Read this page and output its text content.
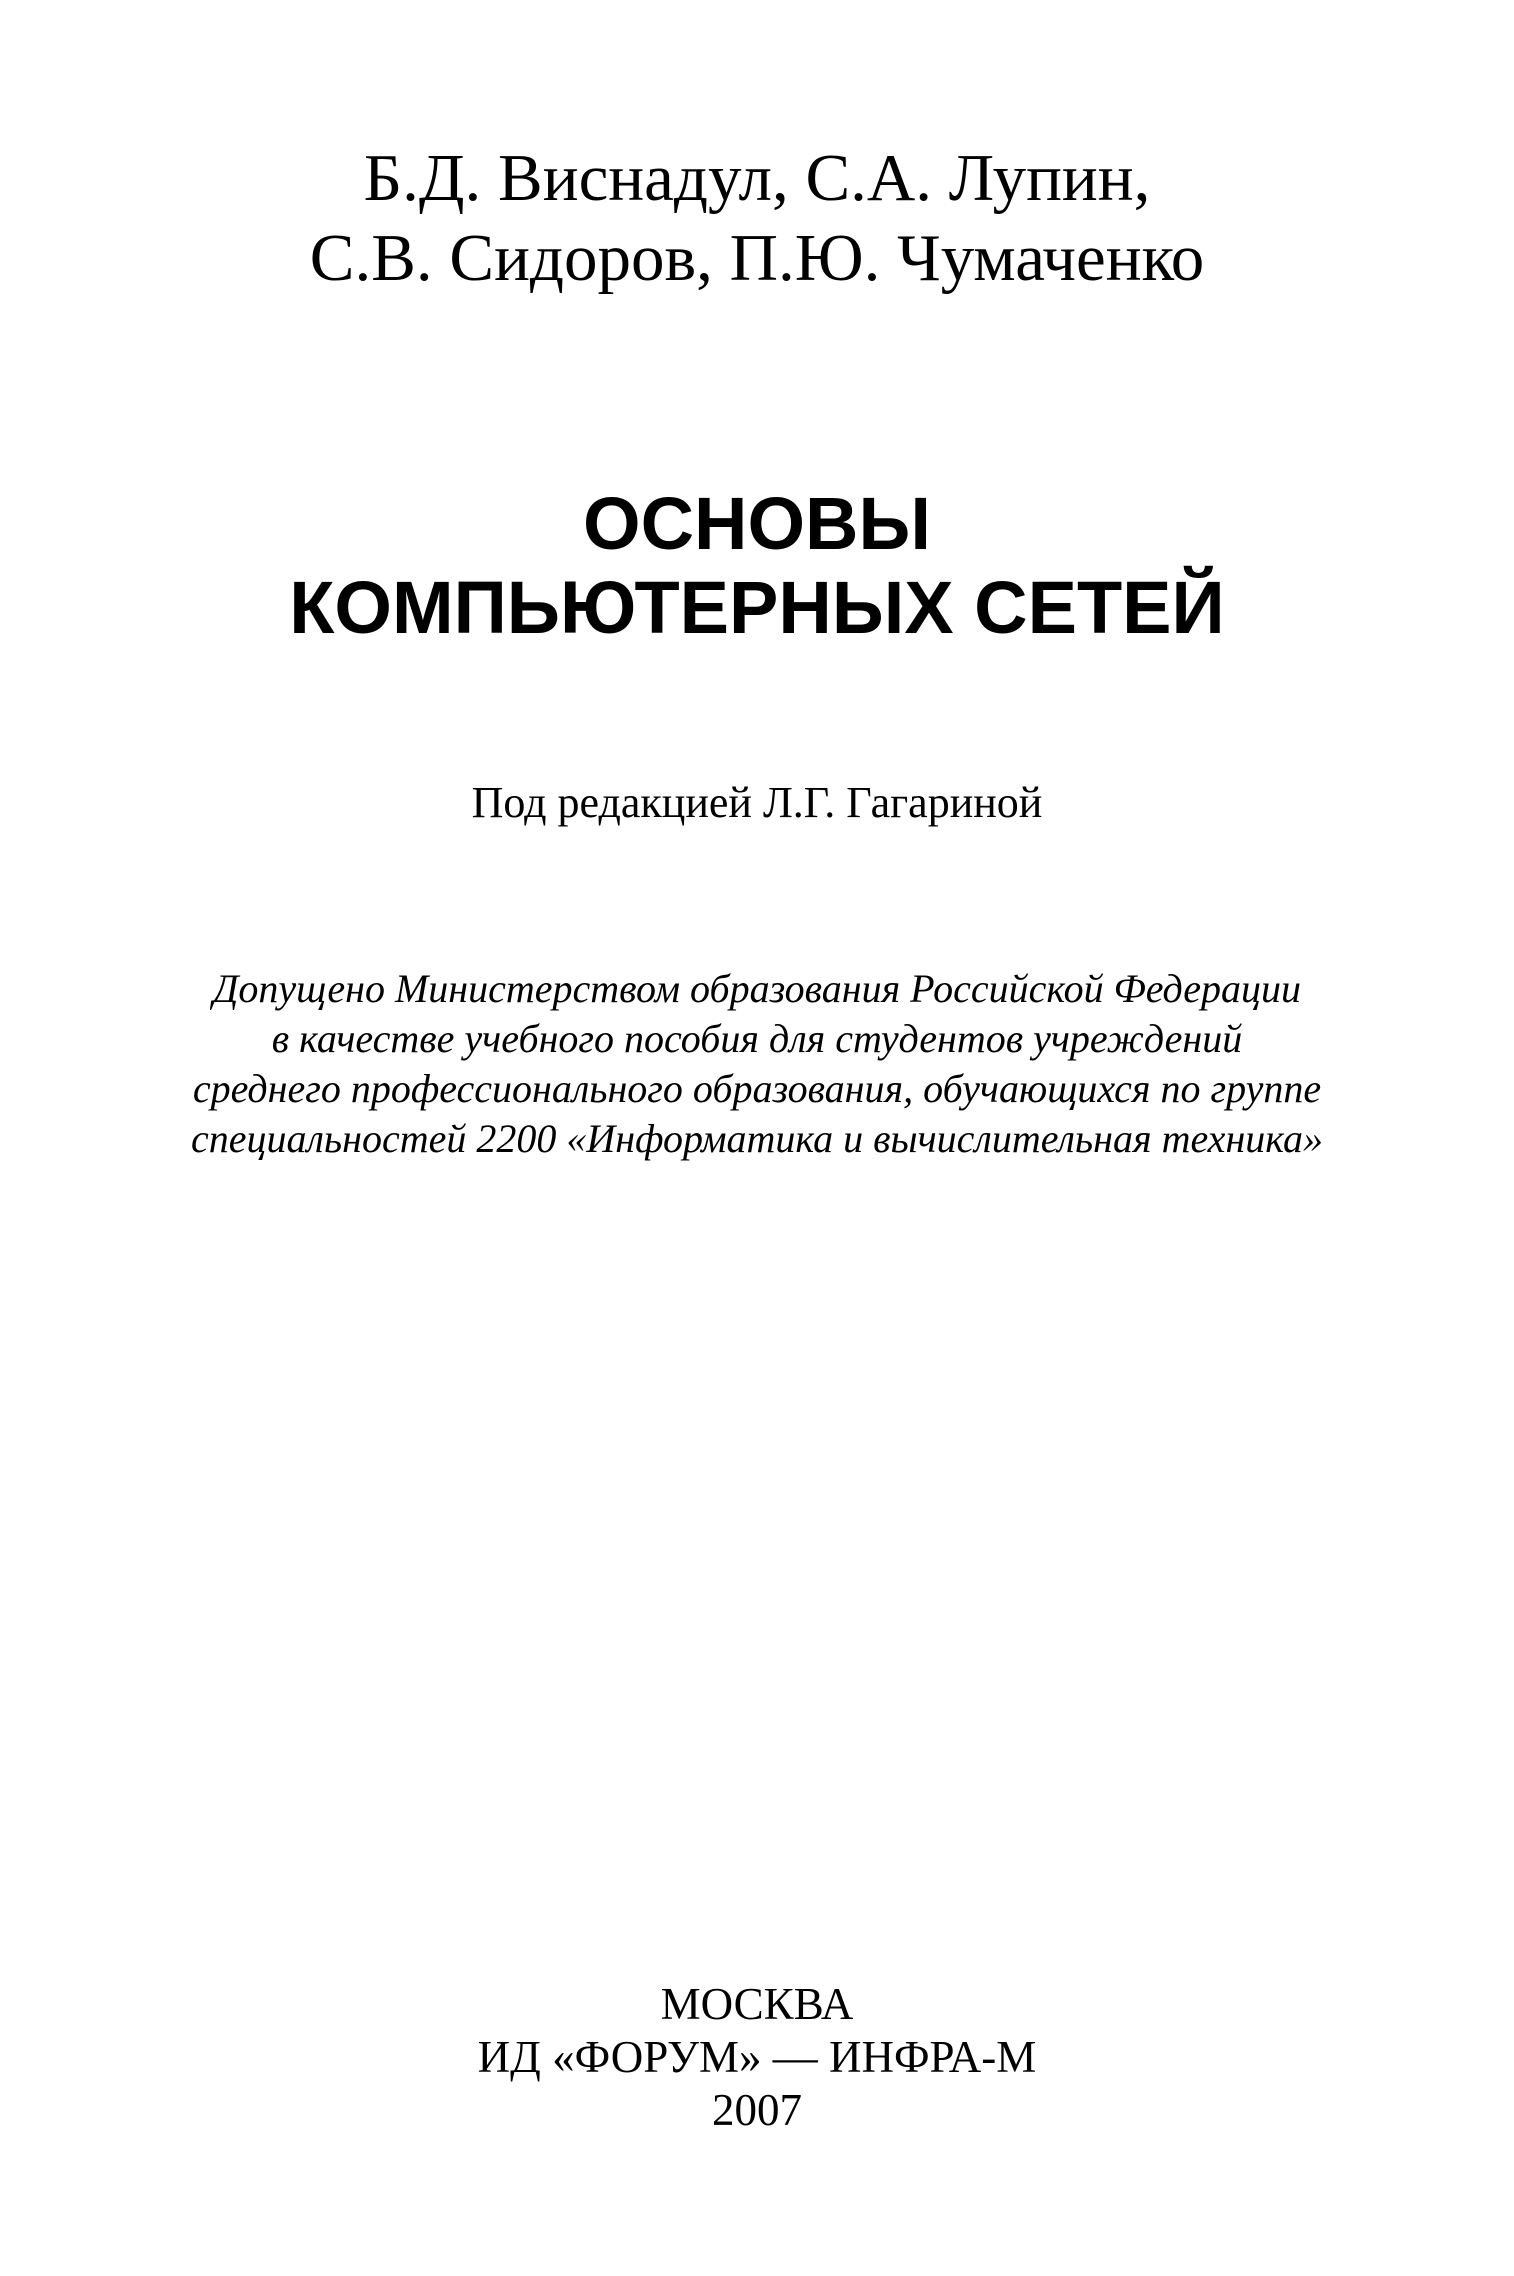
Б.Д. Виснадул, С.А. Лупин,
С.В. Сидоров, П.Ю. Чумаченко
ОСНОВЫ
КОМПЬЮТЕРНЫХ СЕТЕЙ
Под редакцией Л.Г. Гагариной
Допущено Министерством образования Российской Федерации
в качестве учебного пособия для студентов учреждений
среднего профессионального образования, обучающихся по группе
специальностей 2200 «Информатика и вычислительная техника»
МОСКВА
ИД «ФОРУМ» — ИНФРА-М
2007
